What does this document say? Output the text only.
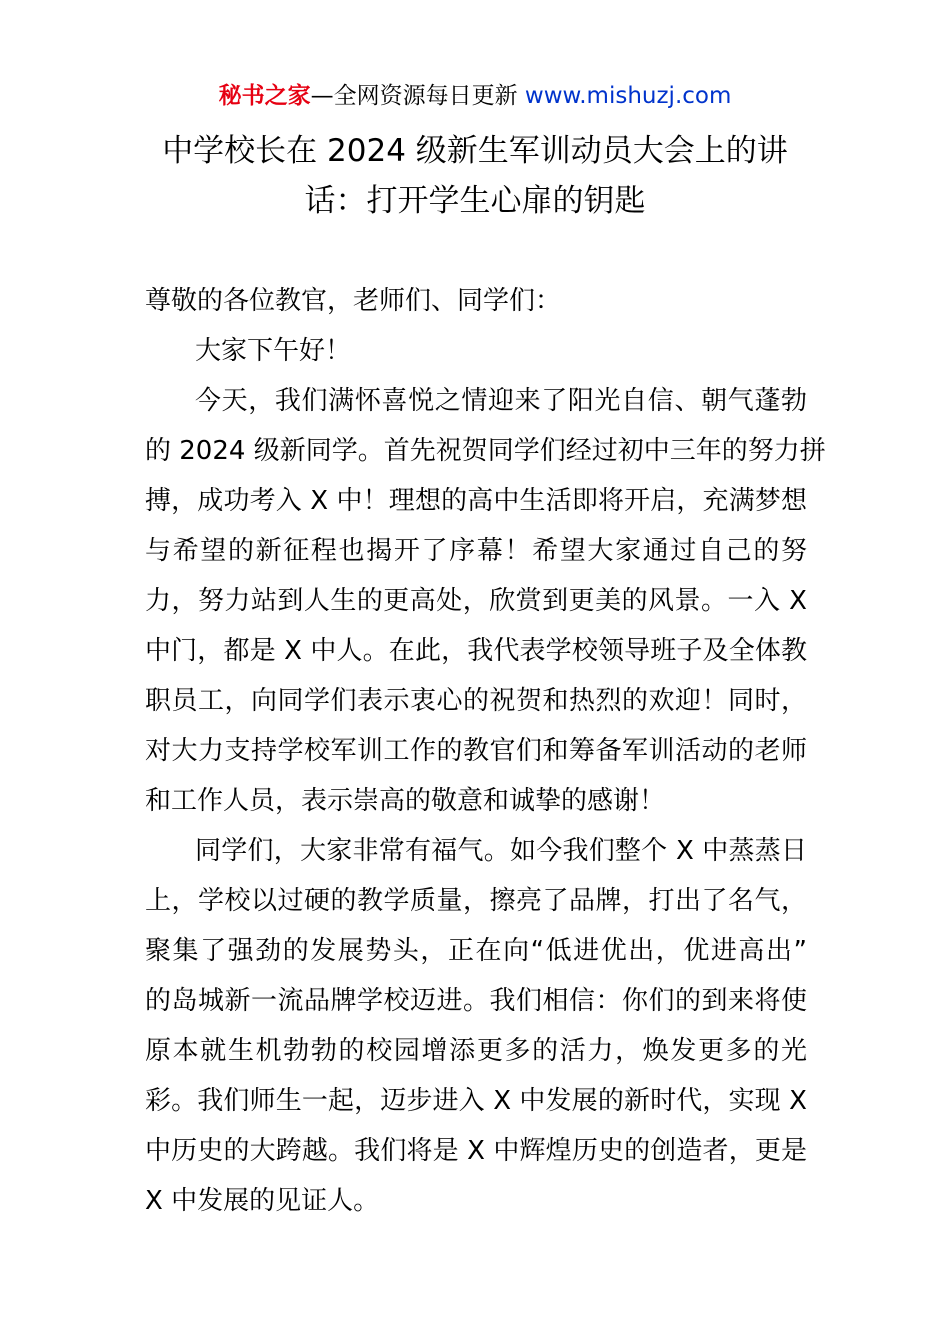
秘书之家—全网资源每日更新 www.mishuzj.com
中学校长在 2024 级新生军训动员大会上的讲
话：打开学生心扉的钥匙

尊敬的各位教官，老师们、同学们：

大家下午好！

今天，我们满怀喜悦之情迎来了阳光自信、朝气蓬勃
的 2024 级新同学。首先祝贺同学们经过初中三年的努力拼
搏，成功考入 X 中！理想的高中生活即将开启，充满梦想
与希望的新征程也揭开了序幕！希望大家通过自己的努
力，努力站到人生的更高处，欣赏到更美的风景。一入 X
中门，都是 X 中人。在此，我代表学校领导班子及全体教
职员工，向同学们表示衷心的祝贺和热烈的欢迎！同时，
对大力支持学校军训工作的教官们和筹备军训活动的老师
和工作人员，表示崇高的敬意和诚挚的感谢！

同学们，大家非常有福气。如今我们整个 X 中蒸蒸日
上，学校以过硬的教学质量，擦亮了品牌，打出了名气，
聚集了强劲的发展势头，正在向“低进优出，优进高出”
的岛城新一流品牌学校迈进。我们相信：你们的到来将使
原本就生机勃勃的校园增添更多的活力，焕发更多的光
彩。我们师生一起，迈步进入 X 中发展的新时代，实现 X
中历史的大跨越。我们将是 X 中辉煌历史的创造者，更是
X 中发展的见证人。
